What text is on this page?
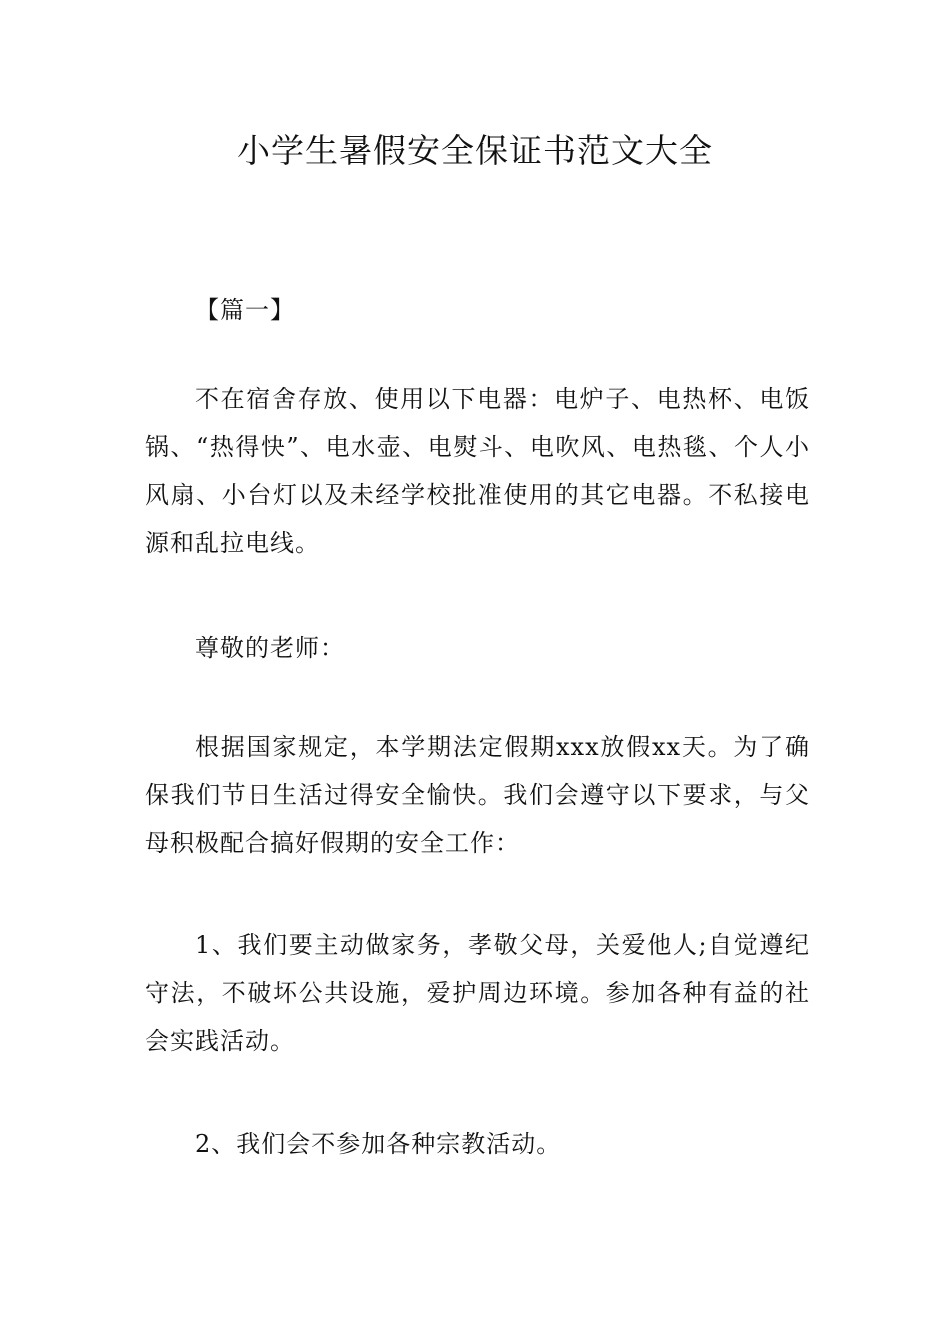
小学生暑假安全保证书范文大全

【篇一】

不在宿舍存放、使用以下电器：电炉子、电热杯、电饭锅、“热得快”、电水壶、电熨斗、电吹风、电热毯、个人小风扇、小台灯以及未经学校批准使用的其它电器。不私接电源和乱拉电线。

尊敬的老师：

根据国家规定，本学期法定假期xxx放假xx天。为了确保我们节日生活过得安全愉快。我们会遵守以下要求，与父母积极配合搞好假期的安全工作：

1、我们要主动做家务，孝敬父母，关爱他人;自觉遵纪守法，不破坏公共设施，爱护周边环境。参加各种有益的社会实践活动。

2、我们会不参加各种宗教活动。
